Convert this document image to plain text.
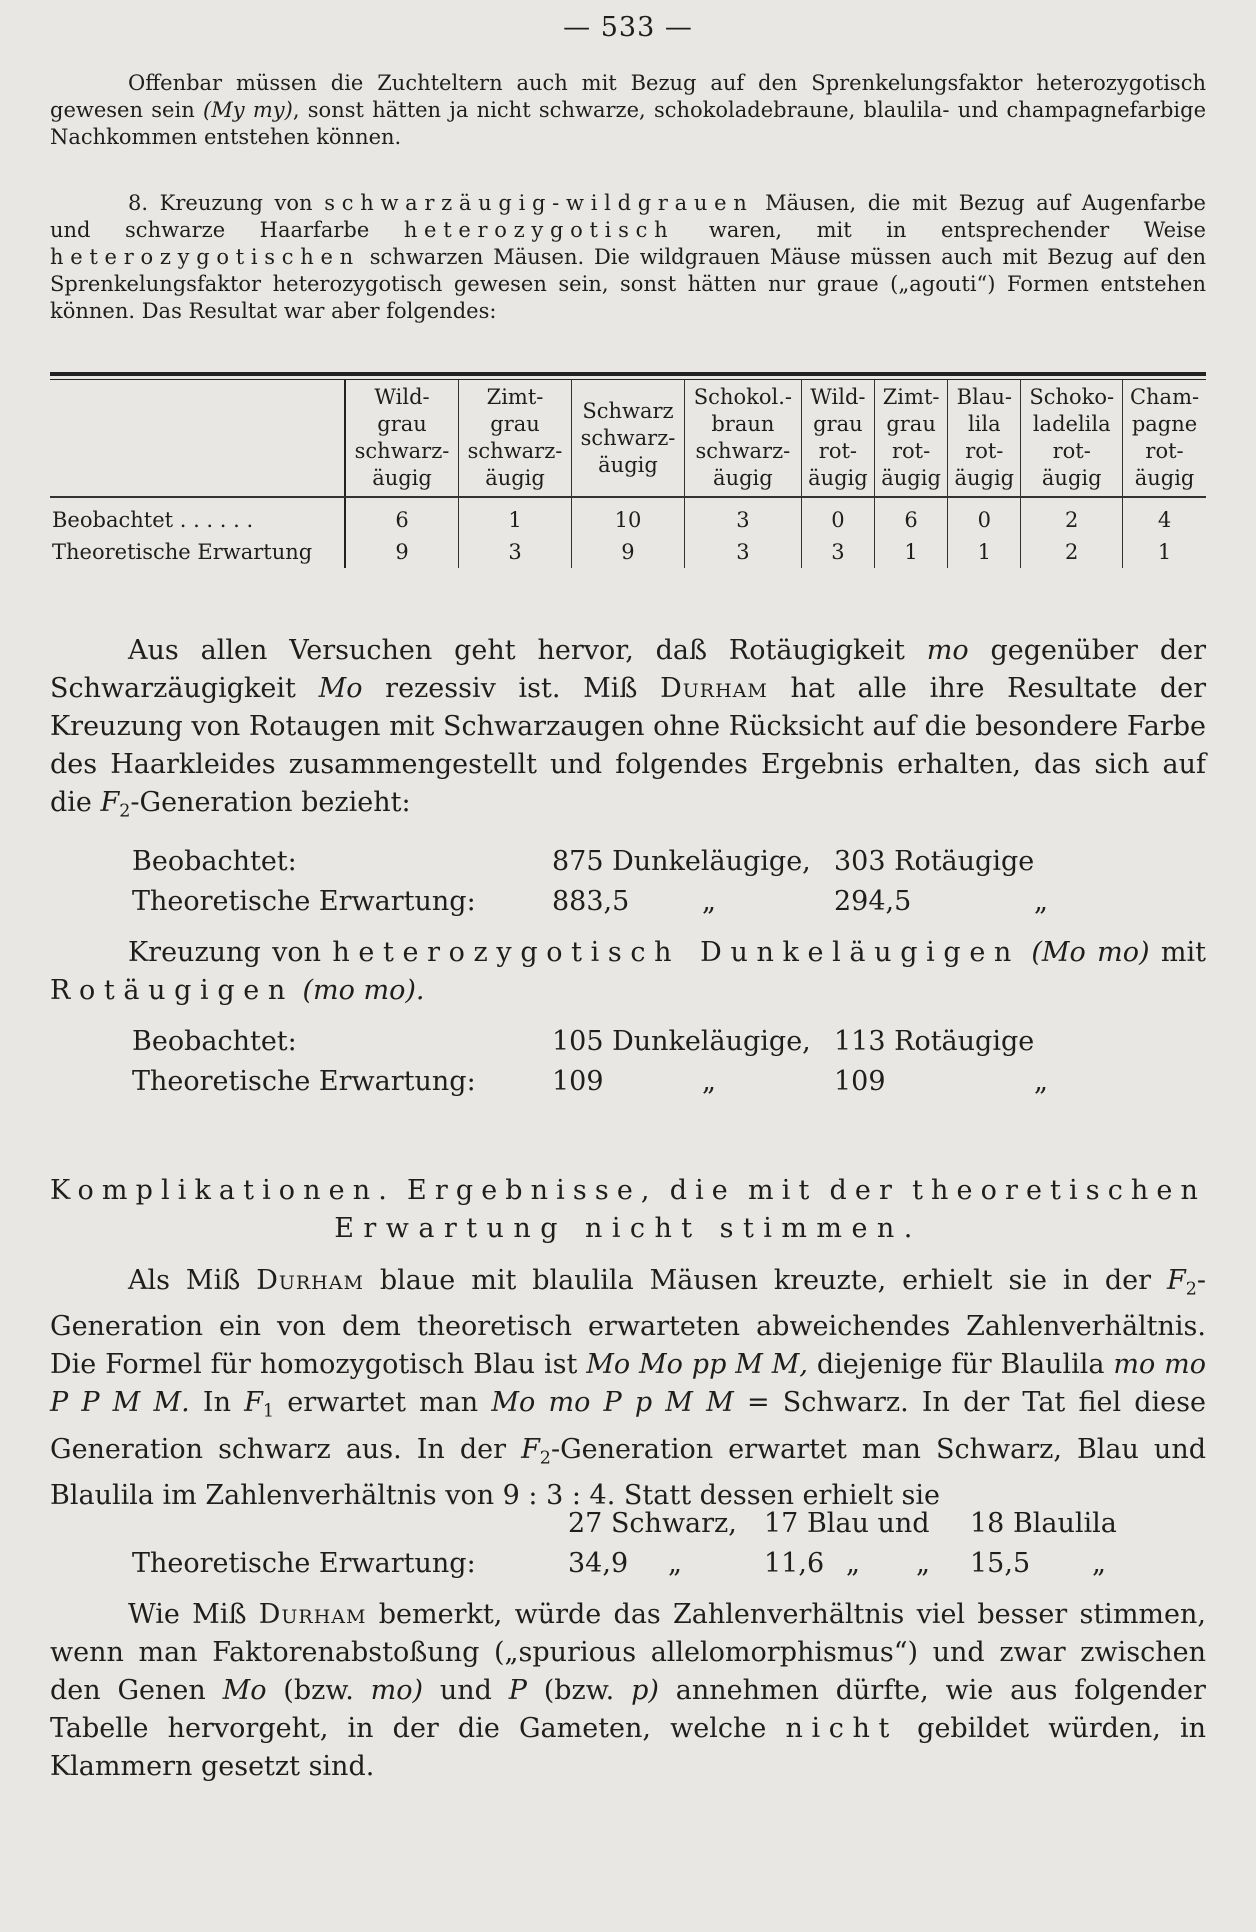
— 533 —

Offenbar müssen die Zuchteltern auch mit Bezug auf den Sprenkelungsfaktor heterozygotisch gewesen sein (My my), sonst hätten ja nicht schwarze, schokoladebraune, blaulila- und champagnefarbige Nachkommen entstehen können.

8. Kreuzung von schwarzäugig-wildgrauen Mäusen, die mit Bezug auf Augenfarbe und schwarze Haarfarbe heterozygotisch waren, mit in entsprechender Weise heterozygotischen schwarzen Mäusen. Die wildgrauen Mäuse müssen auch mit Bezug auf den Sprenkelungsfaktor heterozygotisch gewesen sein, sonst hätten nur graue („agouti“) Formen entstehen können. Das Resultat war aber folgendes:

	Wild-
grau
schwarz-
äugig	Zimt-
grau
schwarz-
äugig	Schwarz
schwarz-
äugig	Schokol.-
braun
schwarz-
äugig	Wild-
grau
rot-
äugig	Zimt-
grau
rot-
äugig	Blau-
lila
rot-
äugig	Schoko-
ladelila
rot-
äugig	Cham-
pagne
rot-
äugig
Beobachtet . . . . . .	6	1	10	3	0	6	0	2	4
Theoretische Erwartung	9	3	9	3	3	1	1	2	1

Aus allen Versuchen geht hervor, daß Rotäugigkeit mo gegenüber der Schwarzäugigkeit Mo rezessiv ist. Miß Durham hat alle ihre Resultate der Kreuzung von Rotaugen mit Schwarzaugen ohne Rücksicht auf die besondere Farbe des Haarkleides zusammengestellt und folgendes Ergebnis erhalten, das sich auf die $F_2$-Generation bezieht:

Beobachtet:	875 Dunkeläugige, 303 Rotäugige
Theoretische Erwartung:	883,5	„	294,5	„

Kreuzung von heterozygotisch Dunkeläugigen (Mo mo) mit Rotäugigen (mo mo).

Beobachtet:	105 Dunkeläugige, 113 Rotäugige
Theoretische Erwartung:	109	„	109	„
Komplikationen. Ergebnisse, die mit der theoretischen
Erwartung nicht stimmen.

Als Miß Durham blaue mit blaulila Mäusen kreuzte, erhielt sie in der $F_2$-Generation ein von dem theoretisch erwarteten abweichendes Zahlenverhältnis. Die Formel für homozygotisch Blau ist Mo Mo pp M M, diejenige für Blaulila mo mo P P M M. In $F_1$ erwartet man Mo mo P p M M = Schwarz. In der Tat fiel diese Generation schwarz aus. In der $F_2$-Generation erwartet man Schwarz, Blau und Blaulila im Zahlenverhältnis von 9 : 3 : 4. Statt dessen erhielt sie

27 Schwarz, 17 Blau und 18 Blaulila
Theoretische Erwartung:	34,9 „	11,6 „ „ 15,5 „

Wie Miß Durham bemerkt, würde das Zahlenverhältnis viel besser stimmen, wenn man Faktorenabstoßung („spurious allelomorphismus“) und zwar zwischen den Genen Mo (bzw. mo) und P (bzw. p) annehmen dürfte, wie aus folgender Tabelle hervorgeht, in der die Gameten, welche nicht gebildet würden, in Klammern gesetzt sind.
